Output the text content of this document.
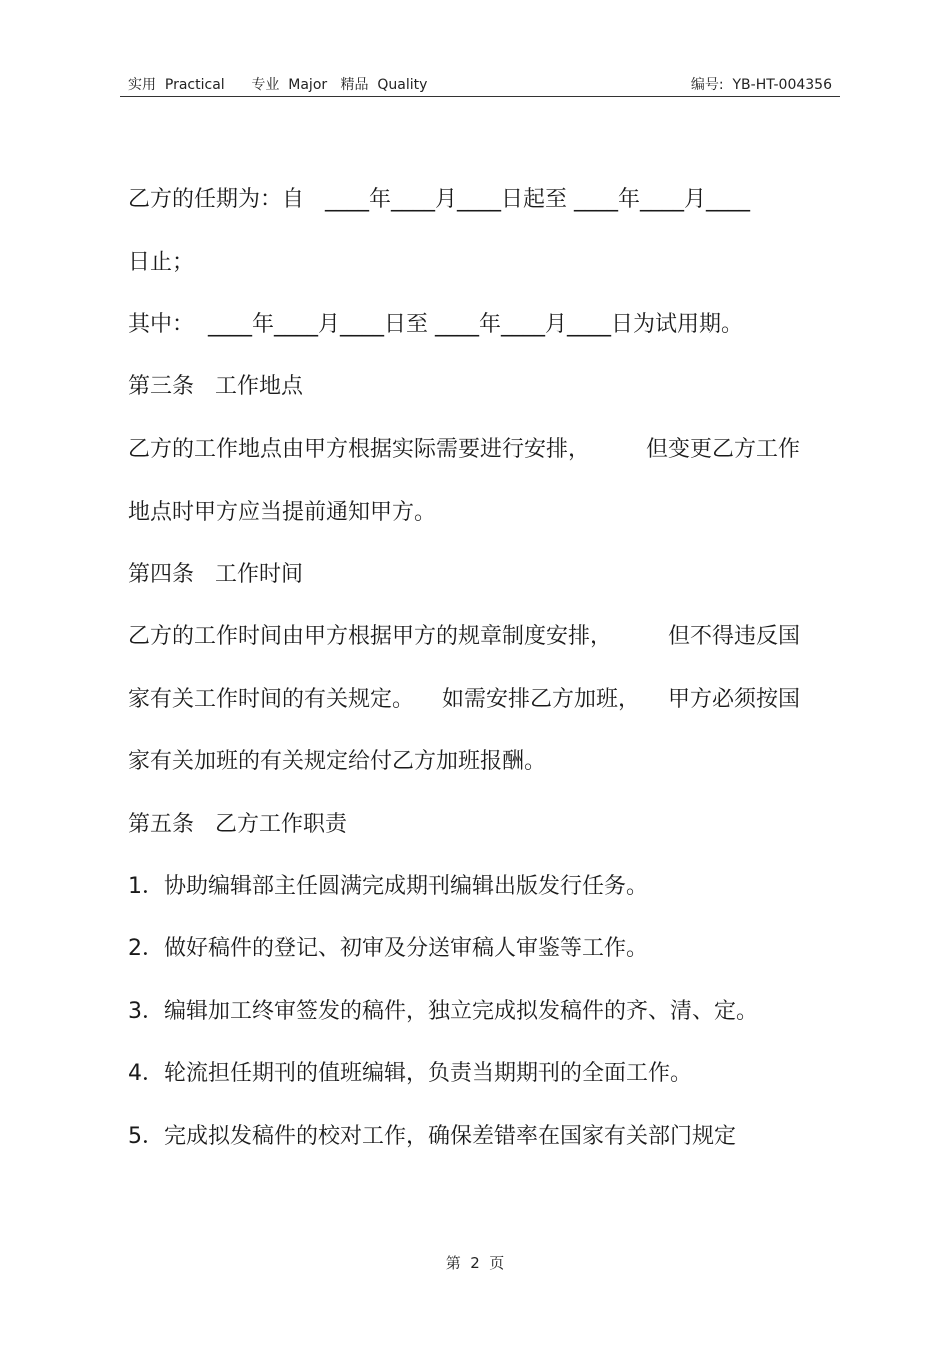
实用  Practical      专业  Major   精品  Quality	编号:  YB-HT-004356
乙方的任期为：自   ____年____月____日起至 ____年____月____
日止；
其中：  ____年____月____日至 ____年____月____日为试用期。
第三条   工作地点
乙方的工作地点由甲方根据实际需要进行安排，        但变更乙方工作
地点时甲方应当提前通知甲方。
第四条   工作时间
乙方的工作时间由甲方根据甲方的规章制度安排，        但不得违反国
家有关工作时间的有关规定。    如需安排乙方加班，    甲方必须按国
家有关加班的有关规定给付乙方加班报酬。
第五条   乙方工作职责
1．协助编辑部主任圆满完成期刊编辑出版发行任务。
2．做好稿件的登记、初审及分送审稿人审鉴等工作。
3．编辑加工终审签发的稿件，独立完成拟发稿件的齐、清、定。
4．轮流担任期刊的值班编辑，负责当期期刊的全面工作。
5．完成拟发稿件的校对工作，确保差错率在国家有关部门规定
第  2  页
